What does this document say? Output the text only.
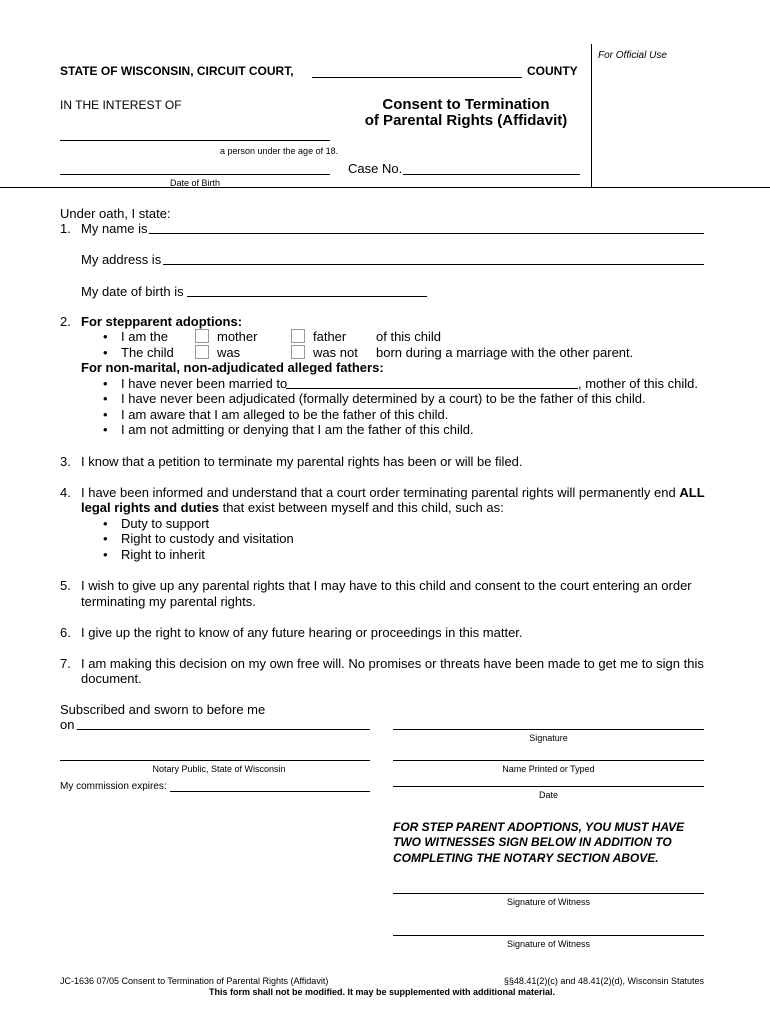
For Official Use
STATE OF WISCONSIN, CIRCUIT COURT,	COUNTY
IN THE INTEREST OF	Consent to Termination
of Parental Rights (Affidavit)
a person under the age of 18.
Date of Birth
Case No.
Under oath, I state:
1. My name is
My address is
My date of birth is
2. For stepparent adoptions:
• I am the	mother	father of this child
• The child	was	was not born during a marriage with the other parent.
For non-marital, non-adjudicated alleged fathers:
• I have never been married to	, mother of this child.
• I have never been adjudicated (formally determined by a court) to be the father of this child.
• I am aware that I am alleged to be the father of this child.
• I am not admitting or denying that I am the father of this child.
3. I know that a petition to terminate my parental rights has been or will be filed.
4. I have been informed and understand that a court order terminating parental rights will permanently end ALL
legal rights and duties that exist between myself and this child, such as:
• Duty to support
• Right to custody and visitation
• Right to inherit
5. I wish to give up any parental rights that I may have to this child and consent to the court entering an order
terminating my parental rights.
6. I give up the right to know of any future hearing or proceedings in this matter.
7. I am making this decision on my own free will. No promises or threats have been made to get me to sign this
document.
Subscribed and sworn to before me
on
Notary Public, State of Wisconsin
My commission expires:
Signature
Name Printed or Typed
Date
FOR STEP PARENT ADOPTIONS, YOU MUST HAVE
TWO WITNESSES SIGN BELOW IN ADDITION TO
COMPLETING THE NOTARY SECTION ABOVE.
Signature of Witness
Signature of Witness
JC-1636 07/05 Consent to Termination of Parental Rights (Affidavit)	§§48.41(2)(c) and 48.41(2)(d), Wisconsin Statutes
This form shall not be modified. It may be supplemented with additional material.
